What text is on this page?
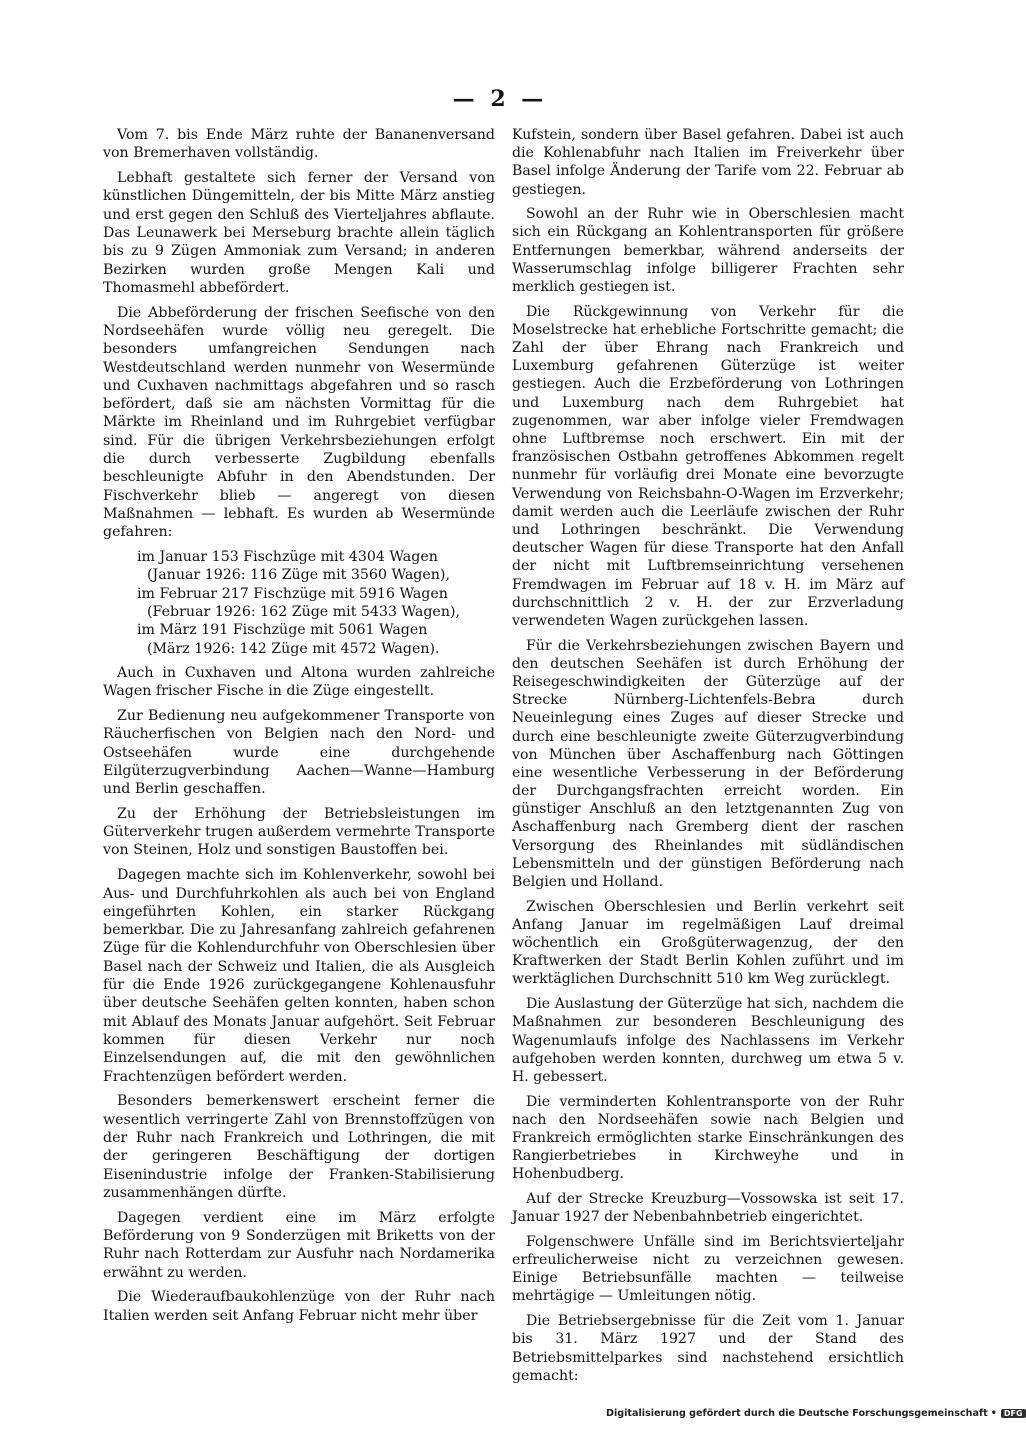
— 2 —

Vom 7. bis Ende März ruhte der Bananenversand von Bremerhaven vollständig.

Lebhaft gestaltete sich ferner der Versand von künstlichen Düngemitteln, der bis Mitte März anstieg und erst gegen den Schluß des Vierteljahres abflaute. Das Leunawerk bei Merseburg brachte allein täglich bis zu 9 Zügen Ammoniak zum Versand; in anderen Bezirken wurden große Mengen Kali und Thomasmehl abbefördert.

Die Abbeförderung der frischen Seefische von den Nordseehäfen wurde völlig neu geregelt. Die besonders umfangreichen Sendungen nach Westdeutschland werden nunmehr von Wesermünde und Cuxhaven nachmittags abgefahren und so rasch befördert, daß sie am nächsten Vormittag für die Märkte im Rheinland und im Ruhrgebiet verfügbar sind. Für die übrigen Verkehrsbeziehungen erfolgt die durch verbesserte Zugbildung ebenfalls beschleunigte Abfuhr in den Abendstunden. Der Fischverkehr blieb — angeregt von diesen Maßnahmen — lebhaft. Es wurden ab Wesermünde gefahren:

im Januar 153 Fischzüge mit 4304 Wagen
(Januar 1926: 116 Züge mit 3560 Wagen),
im Februar 217 Fischzüge mit 5916 Wagen
(Februar 1926: 162 Züge mit 5433 Wagen),
im März 191 Fischzüge mit 5061 Wagen
(März 1926: 142 Züge mit 4572 Wagen).

Auch in Cuxhaven und Altona wurden zahlreiche Wagen frischer Fische in die Züge eingestellt.

Zur Bedienung neu aufgekommener Transporte von Räucherfischen von Belgien nach den Nord- und Ostseehäfen wurde eine durchgehende Eilgüterzugverbindung Aachen—Wanne—Hamburg und Berlin geschaffen.

Zu der Erhöhung der Betriebsleistungen im Güterverkehr trugen außerdem vermehrte Transporte von Steinen, Holz und sonstigen Baustoffen bei.

Dagegen machte sich im Kohlenverkehr, sowohl bei Aus- und Durchfuhrkohlen als auch bei von England eingeführten Kohlen, ein starker Rückgang bemerkbar. Die zu Jahresanfang zahlreich gefahrenen Züge für die Kohlendurchfuhr von Oberschlesien über Basel nach der Schweiz und Italien, die als Ausgleich für die Ende 1926 zurückgegangene Kohlenausfuhr über deutsche Seehäfen gelten konnten, haben schon mit Ablauf des Monats Januar aufgehört. Seit Februar kommen für diesen Verkehr nur noch Einzelsendungen auf, die mit den gewöhnlichen Frachtenzügen befördert werden.

Besonders bemerkenswert erscheint ferner die wesentlich verringerte Zahl von Brennstoffzügen von der Ruhr nach Frankreich und Lothringen, die mit der geringeren Beschäftigung der dortigen Eisenindustrie infolge der Franken-Stabilisierung zusammenhängen dürfte.

Dagegen verdient eine im März erfolgte Beförderung von 9 Sonderzügen mit Briketts von der Ruhr nach Rotterdam zur Ausfuhr nach Nordamerika erwähnt zu werden.

Die Wiederaufbaukohlenzüge von der Ruhr nach Italien werden seit Anfang Februar nicht mehr über

Kufstein, sondern über Basel gefahren. Dabei ist auch die Kohlenabfuhr nach Italien im Freiverkehr über Basel infolge Änderung der Tarife vom 22. Februar ab gestiegen.

Sowohl an der Ruhr wie in Oberschlesien macht sich ein Rückgang an Kohlentransporten für größere Entfernungen bemerkbar, während anderseits der Wasserumschlag infolge billigerer Frachten sehr merklich gestiegen ist.

Die Rückgewinnung von Verkehr für die Moselstrecke hat erhebliche Fortschritte gemacht; die Zahl der über Ehrang nach Frankreich und Luxemburg gefahrenen Güterzüge ist weiter gestiegen. Auch die Erzbeförderung von Lothringen und Luxemburg nach dem Ruhrgebiet hat zugenommen, war aber infolge vieler Fremdwagen ohne Luftbremse noch erschwert. Ein mit der französischen Ostbahn getroffenes Abkommen regelt nunmehr für vorläufig drei Monate eine bevorzugte Verwendung von Reichsbahn-O-Wagen im Erzverkehr; damit werden auch die Leerläufe zwischen der Ruhr und Lothringen beschränkt. Die Verwendung deutscher Wagen für diese Transporte hat den Anfall der nicht mit Luftbremseinrichtung versehenen Fremdwagen im Februar auf 18 v. H. im März auf durchschnittlich 2 v. H. der zur Erzverladung verwendeten Wagen zurückgehen lassen.

Für die Verkehrsbeziehungen zwischen Bayern und den deutschen Seehäfen ist durch Erhöhung der Reisegeschwindigkeiten der Güterzüge auf der Strecke Nürnberg-Lichtenfels-Bebra durch Neueinlegung eines Zuges auf dieser Strecke und durch eine beschleunigte zweite Güterzugverbindung von München über Aschaffenburg nach Göttingen eine wesentliche Verbesserung in der Beförderung der Durchgangsfrachten erreicht worden. Ein günstiger Anschluß an den letztgenannten Zug von Aschaffenburg nach Gremberg dient der raschen Versorgung des Rheinlandes mit südländischen Lebensmitteln und der günstigen Beförderung nach Belgien und Holland.

Zwischen Oberschlesien und Berlin verkehrt seit Anfang Januar im regelmäßigen Lauf dreimal wöchentlich ein Großgüterwagenzug, der den Kraftwerken der Stadt Berlin Kohlen zuführt und im werktäglichen Durchschnitt 510 km Weg zurücklegt.

Die Auslastung der Güterzüge hat sich, nachdem die Maßnahmen zur besonderen Beschleunigung des Wagenumlaufs infolge des Nachlassens im Verkehr aufgehoben werden konnten, durchweg um etwa 5 v. H. gebessert.

Die verminderten Kohlentransporte von der Ruhr nach den Nordseehäfen sowie nach Belgien und Frankreich ermöglichten starke Einschränkungen des Rangierbetriebes in Kirchweyhe und in Hohenbudberg.

Auf der Strecke Kreuzburg—Vossowska ist seit 17. Januar 1927 der Nebenbahnbetrieb eingerichtet.

Folgenschwere Unfälle sind im Berichtsvierteljahr erfreulicherweise nicht zu verzeichnen gewesen. Einige Betriebsunfälle machten — teilweise mehrtägige — Umleitungen nötig.

Die Betriebsergebnisse für die Zeit vom 1. Januar bis 31. März 1927 und der Stand des Betriebsmittelparkes sind nachstehend ersichtlich gemacht:

Digitalisierung gefördert durch die Deutsche Forschungsgemeinschaft • DFG
